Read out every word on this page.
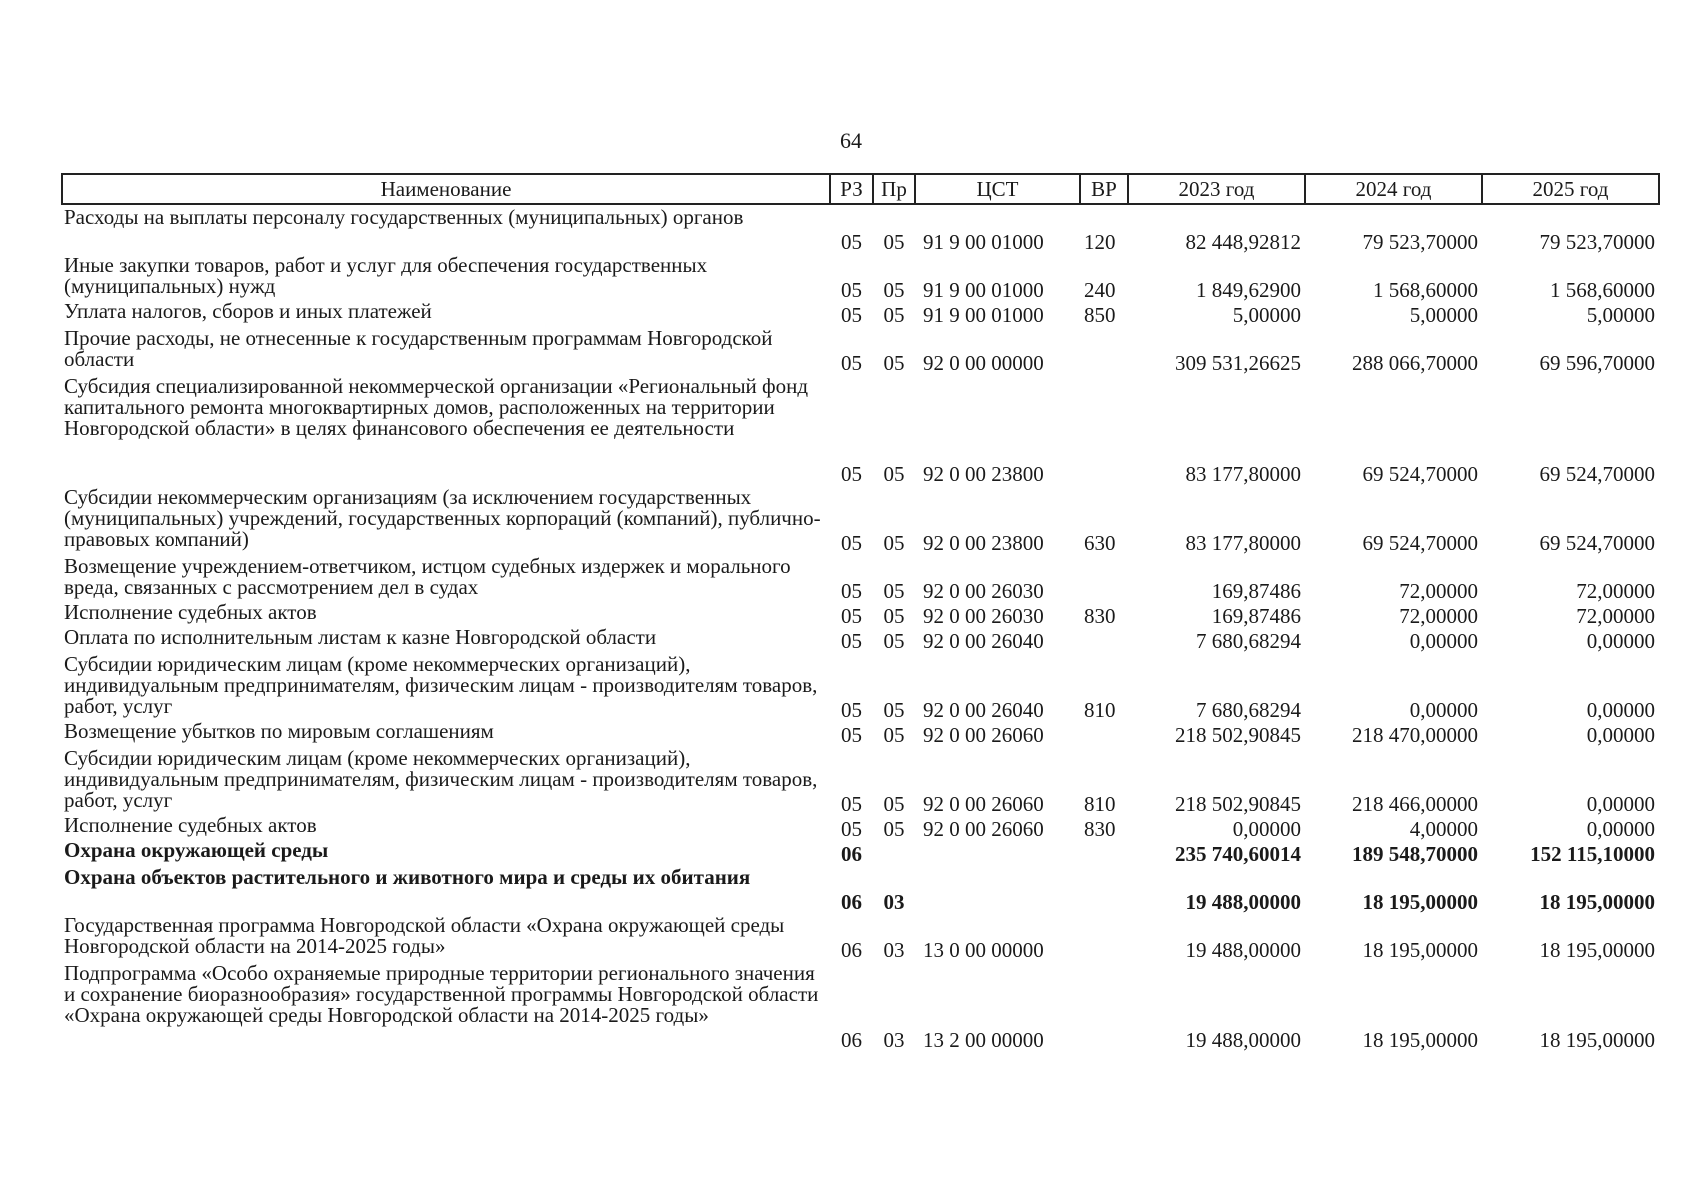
64
Наименование	РЗ	Пр	ЦСТ	ВР	2023 год	2024 год	2025 год
Расходы на выплаты персоналу государственных (муниципальных) органов	05	05	91 9 00 01000	120	82 448,92812	79 523,70000	79 523,70000
Иные закупки товаров, работ и услуг для обеспечения государственных (муниципальных) нужд	05	05	91 9 00 01000	240	1 849,62900	1 568,60000	1 568,60000
Уплата налогов, сборов и иных платежей	05	05	91 9 00 01000	850	5,00000	5,00000	5,00000
Прочие расходы, не отнесенные к государственным программам Новгородской области	05	05	92 0 00 00000		309 531,26625	288 066,70000	69 596,70000
Субсидия специализированной некоммерческой организации «Региональный фонд капитального ремонта многоквартирных домов, расположенных на территории Новгородской области» в целях финансового обеспечения ее деятельности	05	05	92 0 00 23800		83 177,80000	69 524,70000	69 524,70000
Субсидии некоммерческим организациям (за исключением государственных (муниципальных) учреждений, государственных корпораций (компаний), публично-правовых компаний)	05	05	92 0 00 23800	630	83 177,80000	69 524,70000	69 524,70000
Возмещение учреждением-ответчиком, истцом судебных издержек и морального вреда, связанных с рассмотрением дел в судах	05	05	92 0 00 26030		169,87486	72,00000	72,00000
Исполнение судебных актов	05	05	92 0 00 26030	830	169,87486	72,00000	72,00000
Оплата по исполнительным листам к казне Новгородской области	05	05	92 0 00 26040		7 680,68294	0,00000	0,00000
Субсидии юридическим лицам (кроме некоммерческих организаций), индивидуальным предпринимателям, физическим лицам - производителям товаров, работ, услуг	05	05	92 0 00 26040	810	7 680,68294	0,00000	0,00000
Возмещение убытков по мировым соглашениям	05	05	92 0 00 26060		218 502,90845	218 470,00000	0,00000
Субсидии юридическим лицам (кроме некоммерческих организаций), индивидуальным предпринимателям, физическим лицам - производителям товаров, работ, услуг	05	05	92 0 00 26060	810	218 502,90845	218 466,00000	0,00000
Исполнение судебных актов	05	05	92 0 00 26060	830	0,00000	4,00000	0,00000
Охрана окружающей среды	06				235 740,60014	189 548,70000	152 115,10000
Охрана объектов растительного и животного мира и среды их обитания	06	03			19 488,00000	18 195,00000	18 195,00000
Государственная программа Новгородской области «Охрана окружающей среды Новгородской области на 2014-2025 годы»	06	03	13 0 00 00000		19 488,00000	18 195,00000	18 195,00000
Подпрограмма «Особо охраняемые природные территории регионального значения и сохранение биоразнообразия» государственной программы Новгородской области «Охрана окружающей среды Новгородской области на 2014-2025 годы»	06	03	13 2 00 00000		19 488,00000	18 195,00000	18 195,00000
